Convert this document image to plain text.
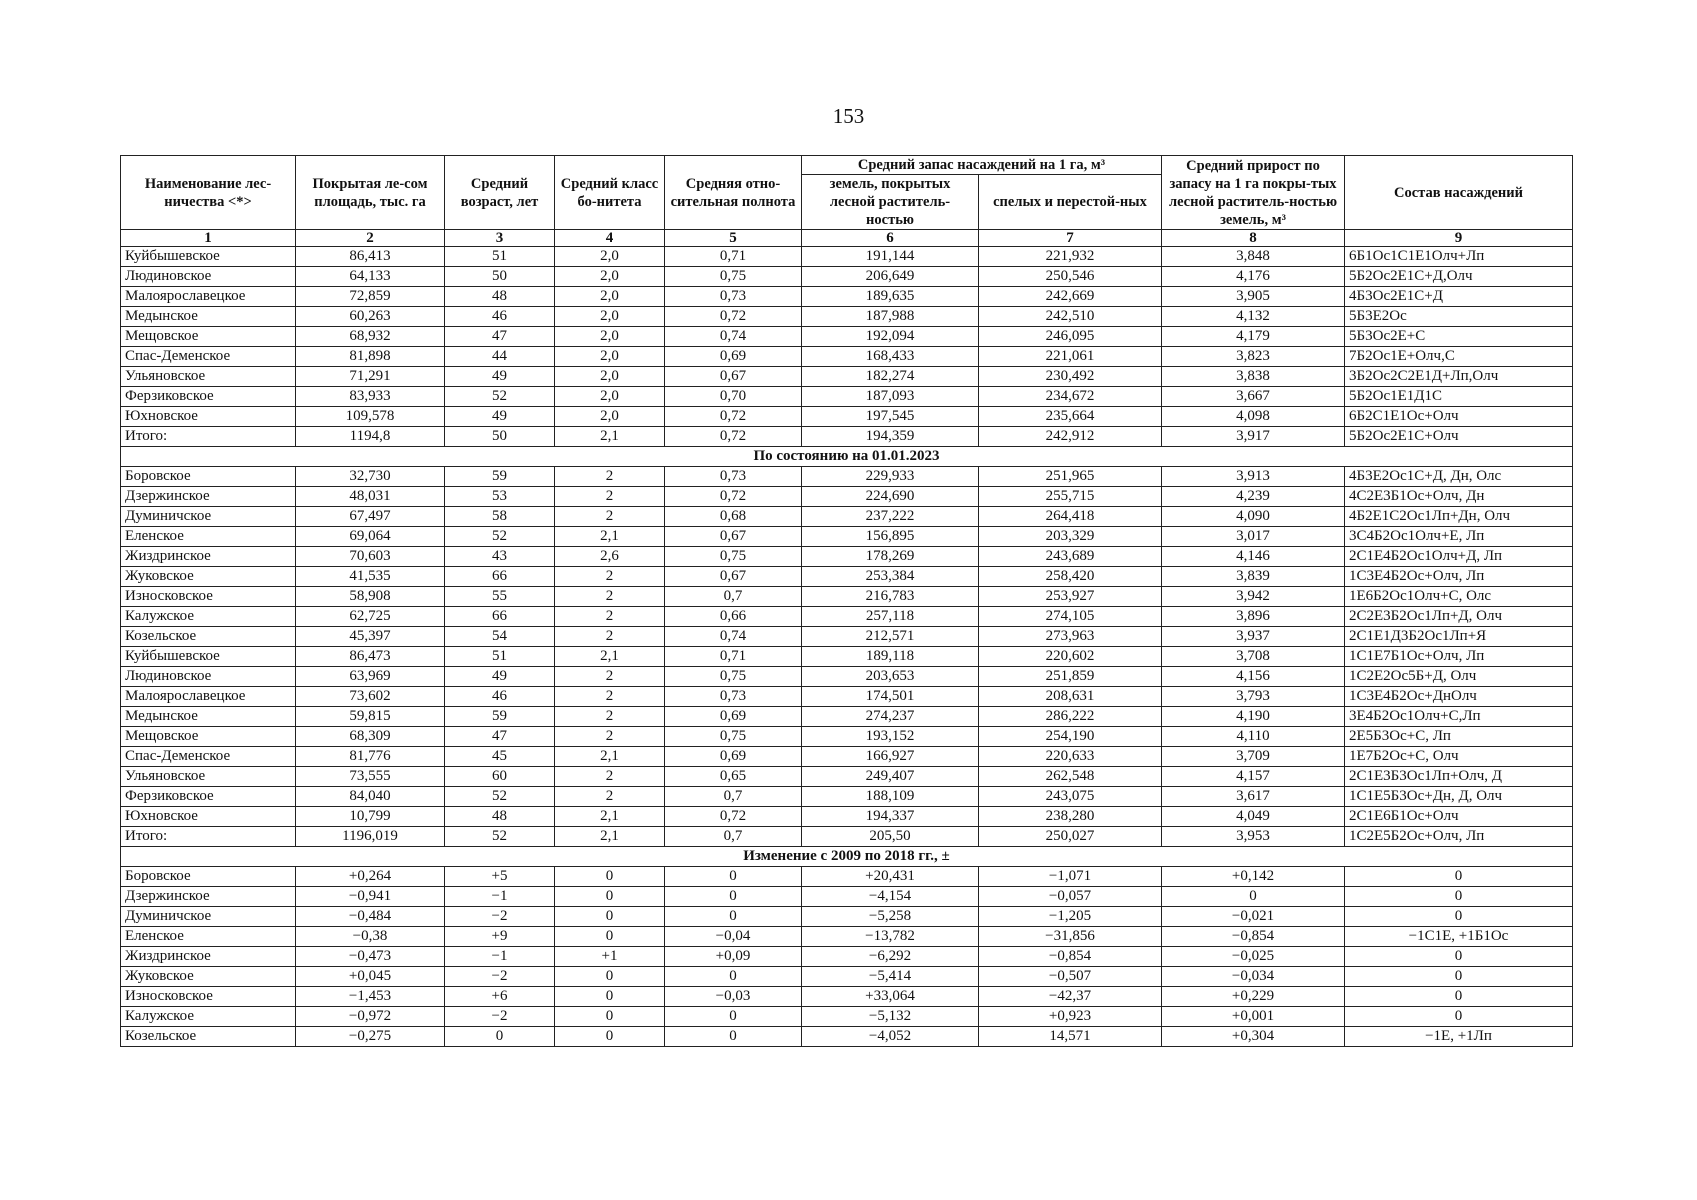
153
Наименование лес-ничества <*>	Покрытая ле-сом площадь, тыс. га	Средний возраст, лет	Средний класс бо-нитета	Средняя отно-сительная полнота	Средний запас насаждений на 1 га, м³		Средний прирост по запасу на 1 га покры-тых лесной раститель-ностью земель, м³	Состав насаждений
					земель, покрытых лесной раститель-ностью	спелых и перестой-ных		
1	2	3	4	5	6	7	8	9
Куйбышевское	86,413	51	2,0	0,71	191,144	221,932	3,848	6Б1Ос1С1Е1Олч+Лп
Людиновское	64,133	50	2,0	0,75	206,649	250,546	4,176	5Б2Ос2Е1С+Д,Олч
Малоярославецкое	72,859	48	2,0	0,73	189,635	242,669	3,905	4Б3Ос2Е1С+Д
Медынское	60,263	46	2,0	0,72	187,988	242,510	4,132	5Б3Е2Ос
Мещовское	68,932	47	2,0	0,74	192,094	246,095	4,179	5Б3Ос2Е+С
Спас-Деменское	81,898	44	2,0	0,69	168,433	221,061	3,823	7Б2Ос1Е+Олч,С
Ульяновское	71,291	49	2,0	0,67	182,274	230,492	3,838	3Б2Ос2С2Е1Д+Лп,Олч
Ферзиковское	83,933	52	2,0	0,70	187,093	234,672	3,667	5Б2Ос1Е1Д1С
Юхновское	109,578	49	2,0	0,72	197,545	235,664	4,098	6Б2С1Е1Ос+Олч
Итого:	1194,8	50	2,1	0,72	194,359	242,912	3,917	5Б2Ос2Е1С+Олч
По состоянию на 01.01.2023								
Боровское	32,730	59	2	0,73	229,933	251,965	3,913	4Б3Е2Ос1С+Д, Дн, Олс
Дзержинское	48,031	53	2	0,72	224,690	255,715	4,239	4С2Е3Б1Ос+Олч, Дн
Думиничское	67,497	58	2	0,68	237,222	264,418	4,090	4Б2Е1С2Ос1Лп+Дн, Олч
Еленское	69,064	52	2,1	0,67	156,895	203,329	3,017	3С4Б2Ос1Олч+Е, Лп
Жиздринское	70,603	43	2,6	0,75	178,269	243,689	4,146	2С1Е4Б2Ос1Олч+Д, Лп
Жуковское	41,535	66	2	0,67	253,384	258,420	3,839	1С3Е4Б2Ос+Олч, Лп
Износковское	58,908	55	2	0,7	216,783	253,927	3,942	1Е6Б2Ос1Олч+С, Олс
Калужское	62,725	66	2	0,66	257,118	274,105	3,896	2С2Е3Б2Ос1Лп+Д, Олч
Козельское	45,397	54	2	0,74	212,571	273,963	3,937	2С1Е1Д3Б2Ос1Лп+Я
Куйбышевское	86,473	51	2,1	0,71	189,118	220,602	3,708	1С1Е7Б1Ос+Олч, Лп
Людиновское	63,969	49	2	0,75	203,653	251,859	4,156	1С2Е2Ос5Б+Д, Олч
Малоярославецкое	73,602	46	2	0,73	174,501	208,631	3,793	1С3Е4Б2Ос+ДнОлч
Медынское	59,815	59	2	0,69	274,237	286,222	4,190	3Е4Б2Ос1Олч+С,Лп
Мещовское	68,309	47	2	0,75	193,152	254,190	4,110	2Е5Б3Ос+С, Лп
Спас-Деменское	81,776	45	2,1	0,69	166,927	220,633	3,709	1Е7Б2Ос+С, Олч
Ульяновское	73,555	60	2	0,65	249,407	262,548	4,157	2С1Е3Б3Ос1Лп+Олч, Д
Ферзиковское	84,040	52	2	0,7	188,109	243,075	3,617	1С1Е5Б3Ос+Дн, Д, Олч
Юхновское	10,799	48	2,1	0,72	194,337	238,280	4,049	2С1Е6Б1Ос+Олч
Итого:	1196,019	52	2,1	0,7	205,50	250,027	3,953	1С2Е5Б2Ос+Олч, Лп
Изменение с 2009 по 2018 гг., ±								
Боровское	+0,264	+5	0	0	+20,431	−1,071	+0,142	0
Дзержинское	−0,941	−1	0	0	−4,154	−0,057	0	0
Думиничское	−0,484	−2	0	0	−5,258	−1,205	−0,021	0
Еленское	−0,38	+9	0	−0,04	−13,782	−31,856	−0,854	−1С1Е, +1Б1Ос
Жиздринское	−0,473	−1	+1	+0,09	−6,292	−0,854	−0,025	0
Жуковское	+0,045	−2	0	0	−5,414	−0,507	−0,034	0
Износковское	−1,453	+6	0	−0,03	+33,064	−42,37	+0,229	0
Калужское	−0,972	−2	0	0	−5,132	+0,923	+0,001	0
Козельское	−0,275	0	0	0	−4,052	14,571	+0,304	−1Е, +1Лп
